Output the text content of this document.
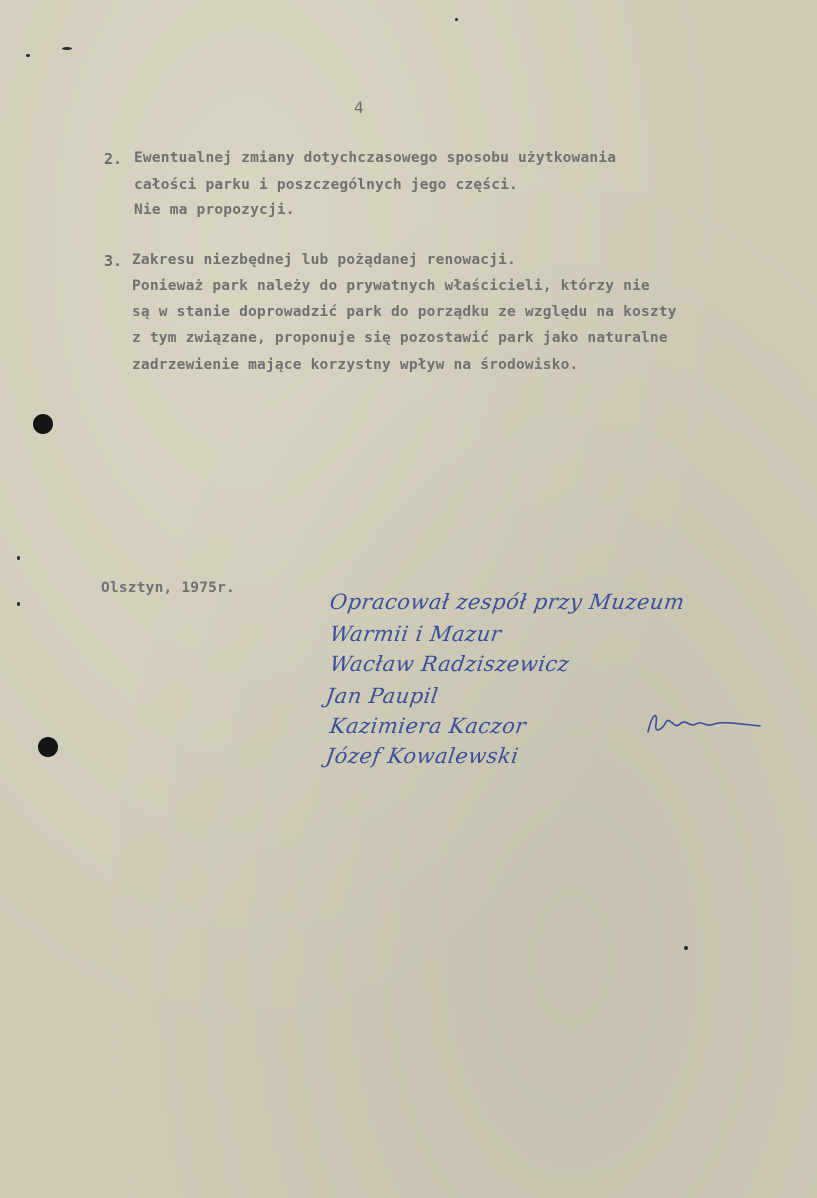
4
2. Ewentualnej zmiany dotychczasowego sposobu użytkowania
całości parku i poszczególnych jego części.
Nie ma propozycji.
3. Zakresu niezbędnej lub pożądanej renowacji.
Ponieważ park należy do prywatnych właścicieli, którzy nie
są w stanie doprowadzić park do porządku ze względu na koszty
z tym związane, proponuje się pozostawić park jako naturalne
zadrzewienie mające korzystny wpływ na środowisko.
Olsztyn, 1975r.
Opracował zespół przy Muzeum
Warmii i Mazur
Wacław Radziszewicz
Jan Paupil
Kazimiera Kaczor
Józef Kowalewski
